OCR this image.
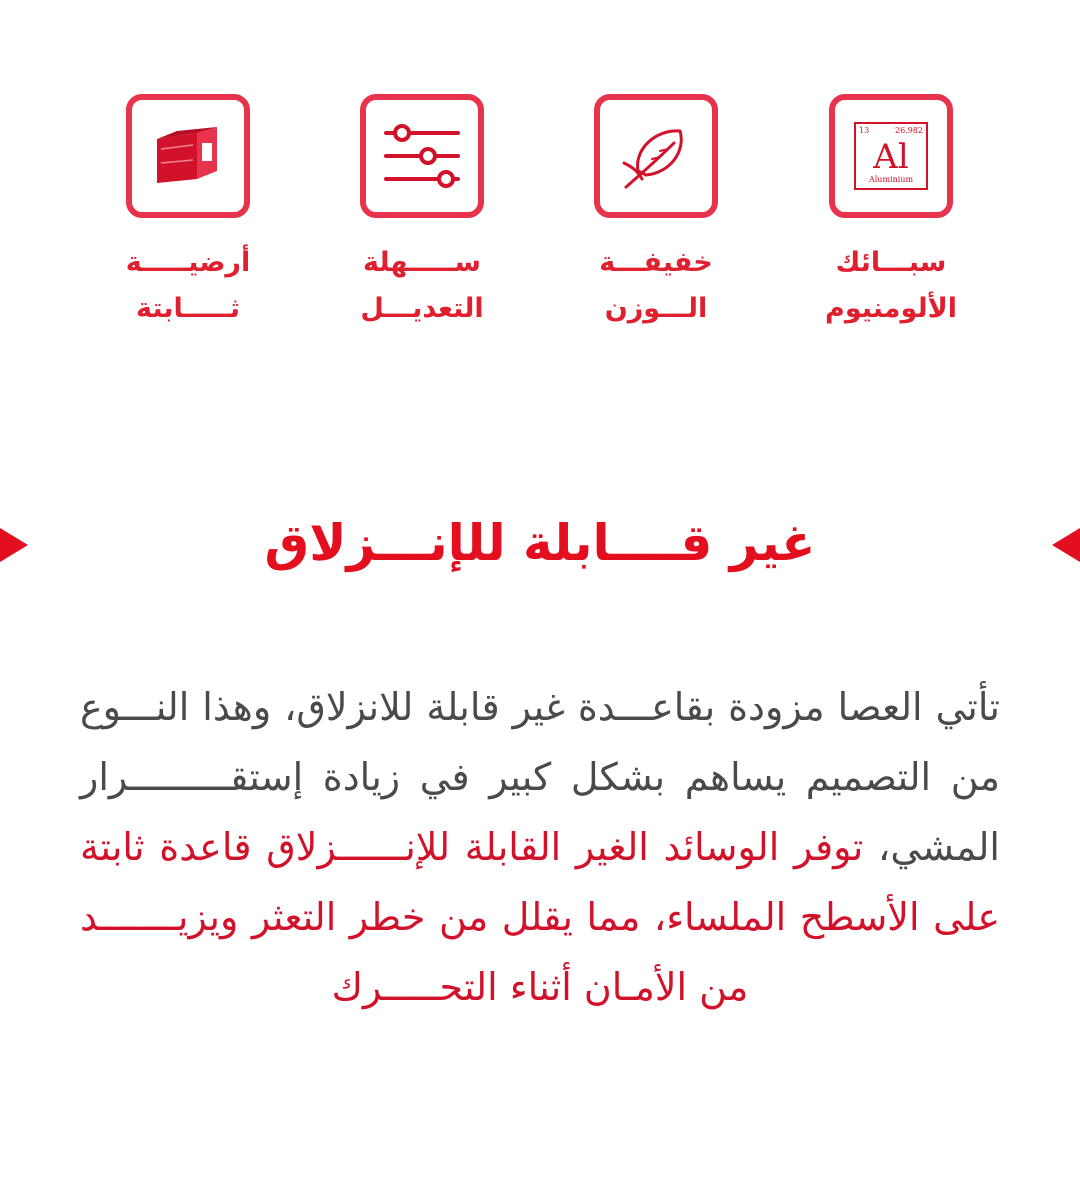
13	26.982
Al
Aluminium
سبـــائك
الألومنيوم
خفيفـــة
الـــوزن
ســـــهلة
التعديـــل
أرضيـــــة
ثـــــابتة
غير قــــابلة للإنـــزلاق
تأتي العصا مزودة بقاعـــدة غير قابلة للانزلاق، وهذا النـــوع من التصميم يساهم بشكل كبير في زيادة إستقـــــــــرار المشي، توفر الوسائد الغير القابلة للإنــــــزلاق قاعدة ثابتة على الأسطح الملساء، مما يقلل من خطر التعثر ويزيـــــــد من الأمـان أثناء التحـــــرك
